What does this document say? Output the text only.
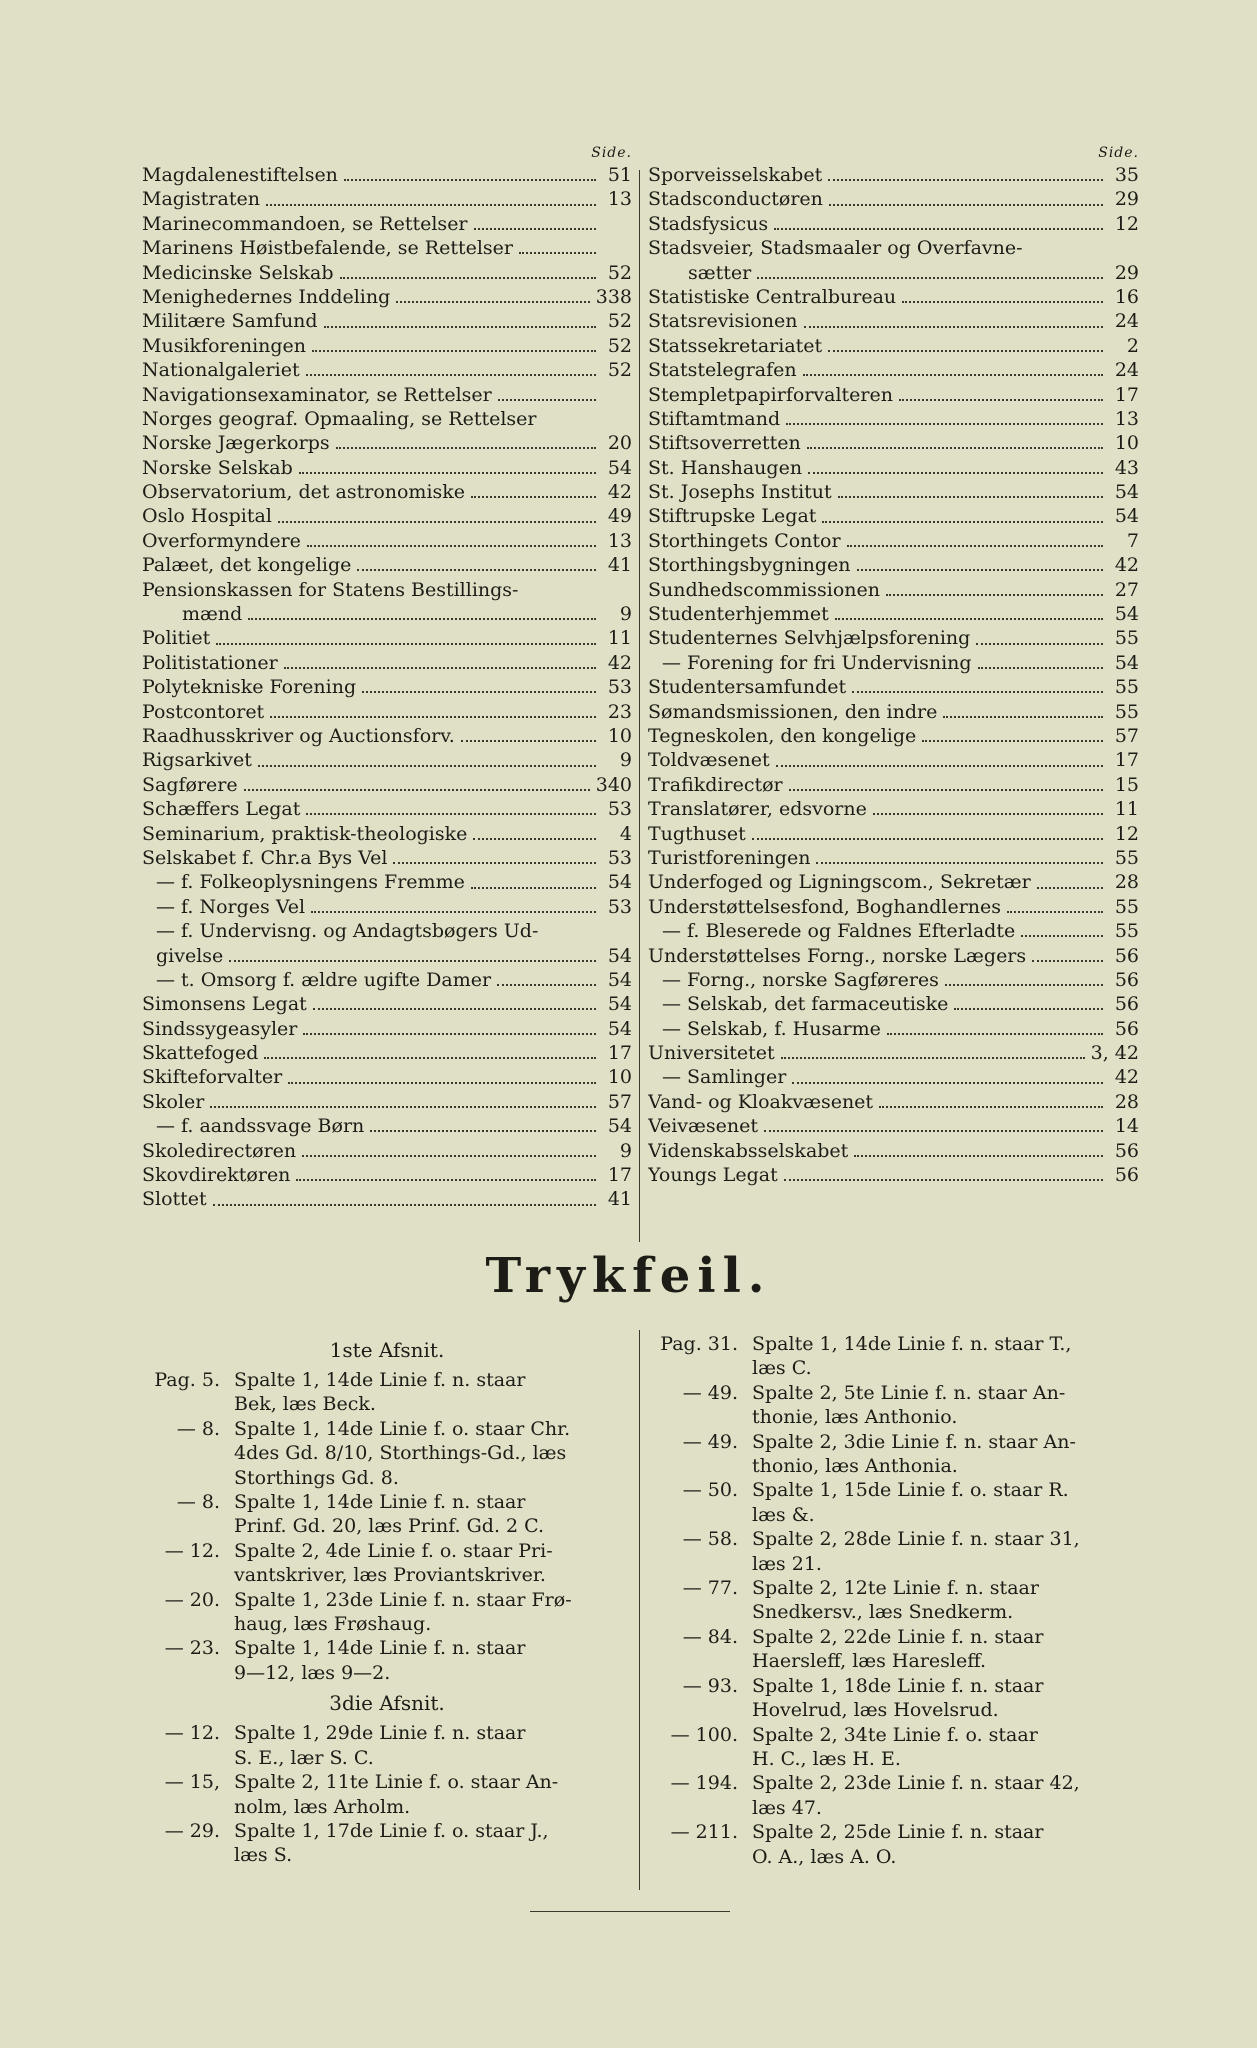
Side.
Magdalenestiftelsen	51
Magistraten	13
Marinecommandoen, se Rettelser
Marinens Høistbefalende, se Rettelser
Medicinske Selskab	52
Menighedernes Inddeling	338
Militære Samfund	52
Musikforeningen	52
Nationalgaleriet	52
Navigationsexaminator, se Rettelser
Norges geograf. Opmaaling, se Rettelser
Norske Jægerkorps	20
Norske Selskab	54
Observatorium, det astronomiske	42
Oslo Hospital	49
Overformyndere	13
Palæet, det kongelige	41
Pensionskassen for Statens Bestillings-
mænd	9
Politiet	11
Politistationer	42
Polytekniske Forening	53
Postcontoret	23
Raadhusskriver og Auctionsforv.	10
Rigsarkivet	9
Sagførere	340
Schæffers Legat	53
Seminarium, praktisk-theologiske	4
Selskabet f. Chr.a Bys Vel	53
— f. Folkeoplysningens Fremme	54
— f. Norges Vel	53
— f. Undervisng. og Andagtsbøgers Ud-
givelse	54
— t. Omsorg f. ældre ugifte Damer	54
Simonsens Legat	54
Sindssygeasyler	54
Skattefoged	17
Skifteforvalter	10
Skoler	57
— f. aandssvage Børn	54
Skoledirectøren	9
Skovdirektøren	17
Slottet	41
Side.
Sporveisselskabet	35
Stadsconductøren	29
Stadsfysicus	12
Stadsveier, Stadsmaaler og Overfavne-
sætter	29
Statistiske Centralbureau	16
Statsrevisionen	24
Statssekretariatet	2
Statstelegrafen	24
Stempletpapirforvalteren	17
Stiftamtmand	13
Stiftsoverretten	10
St. Hanshaugen	43
St. Josephs Institut	54
Stiftrupske Legat	54
Storthingets Contor	7
Storthingsbygningen	42
Sundhedscommissionen	27
Studenterhjemmet	54
Studenternes Selvhjælpsforening	55
— Forening for fri Undervisning	54
Studentersamfundet	55
Sømandsmissionen, den indre	55
Tegneskolen, den kongelige	57
Toldvæsenet	17
Trafikdirectør	15
Translatører, edsvorne	11
Tugthuset	12
Turistforeningen	55
Underfoged og Ligningscom., Sekretær	28
Understøttelsesfond, Boghandlernes	55
— f. Bleserede og Faldnes Efterladte	55
Understøttelses Forng., norske Lægers	56
— Forng., norske Sagføreres	56
— Selskab, det farmaceutiske	56
— Selskab, f. Husarme	56
Universitetet	3, 42
— Samlinger	42
Vand- og Kloakvæsenet	28
Veivæsenet	14
Videnskabsselskabet	56
Youngs Legat	56
Trykfeil.
1ste Afsnit.
Pag. 5. Spalte 1, 14de Linie f. n. staar
Bek, læs Beck.
— 8. Spalte 1, 14de Linie f. o. staar Chr.
4des Gd. 8/10, Storthings-Gd., læs
Storthings Gd. 8.
— 8. Spalte 1, 14de Linie f. n. staar
Prinf. Gd. 20, læs Prinf. Gd. 2 C.
— 12. Spalte 2, 4de Linie f. o. staar Pri-
vantskriver, læs Proviantskriver.
— 20. Spalte 1, 23de Linie f. n. staar Frø-
haug, læs Frøshaug.
— 23. Spalte 1, 14de Linie f. n. staar
9—12, læs 9—2.
3die Afsnit.
— 12. Spalte 1, 29de Linie f. n. staar
S. E., lær S. C.
— 15, Spalte 2, 11te Linie f. o. staar An-
nolm, læs Arholm.
— 29. Spalte 1, 17de Linie f. o. staar J.,
læs S.
Pag. 31. Spalte 1, 14de Linie f. n. staar T.,
læs C.
— 49. Spalte 2, 5te Linie f. n. staar An-
thonie, læs Anthonio.
— 49. Spalte 2, 3die Linie f. n. staar An-
thonio, læs Anthonia.
— 50. Spalte 1, 15de Linie f. o. staar R.
læs &.
— 58. Spalte 2, 28de Linie f. n. staar 31,
læs 21.
— 77. Spalte 2, 12te Linie f. n. staar
Snedkersv., læs Snedkerm.
— 84. Spalte 2, 22de Linie f. n. staar
Haersleff, læs Haresleff.
— 93. Spalte 1, 18de Linie f. n. staar
Hovelrud, læs Hovelsrud.
— 100. Spalte 2, 34te Linie f. o. staar
H. C., læs H. E.
— 194. Spalte 2, 23de Linie f. n. staar 42,
læs 47.
— 211. Spalte 2, 25de Linie f. n. staar
O. A., læs A. O.
